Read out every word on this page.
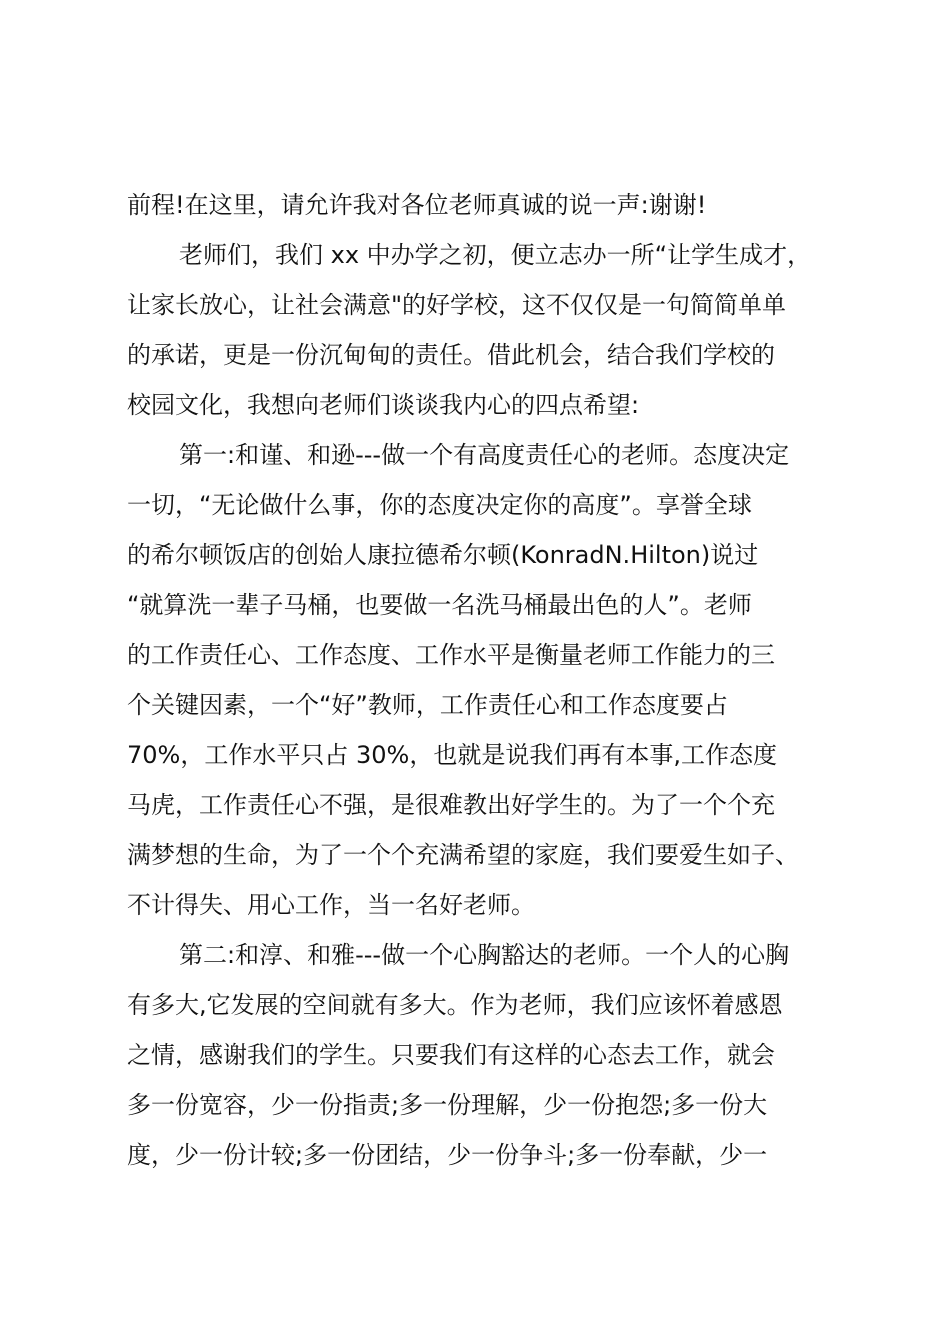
前程!在这里，请允许我对各位老师真诚的说一声:谢谢!
老师们，我们 xx 中办学之初，便立志办一所“让学生成才，
让家长放心，让社会满意"的好学校，这不仅仅是一句简简单单
的承诺，更是一份沉甸甸的责任。借此机会，结合我们学校的
校园文化，我想向老师们谈谈我内心的四点希望:
第一:和谨、和逊---做一个有高度责任心的老师。态度决定
一切，“无论做什么事，你的态度决定你的高度”。享誉全球
的希尔顿饭店的创始人康拉德希尔顿(KonradN.Hilton)说过
“就算洗一辈子马桶，也要做一名洗马桶最出色的人”。老师
的工作责任心、工作态度、工作水平是衡量老师工作能力的三
个关键因素，一个“好”教师，工作责任心和工作态度要占
70%，工作水平只占 30%，也就是说我们再有本事,工作态度
马虎，工作责任心不强，是很难教出好学生的。为了一个个充
满梦想的生命，为了一个个充满希望的家庭，我们要爱生如子、
不计得失、用心工作，当一名好老师。
第二:和淳、和雅---做一个心胸豁达的老师。一个人的心胸
有多大,它发展的空间就有多大。作为老师，我们应该怀着感恩
之情，感谢我们的学生。只要我们有这样的心态去工作，就会
多一份宽容，少一份指责;多一份理解，少一份抱怨;多一份大
度，少一份计较;多一份团结，少一份争斗;多一份奉献，少一
